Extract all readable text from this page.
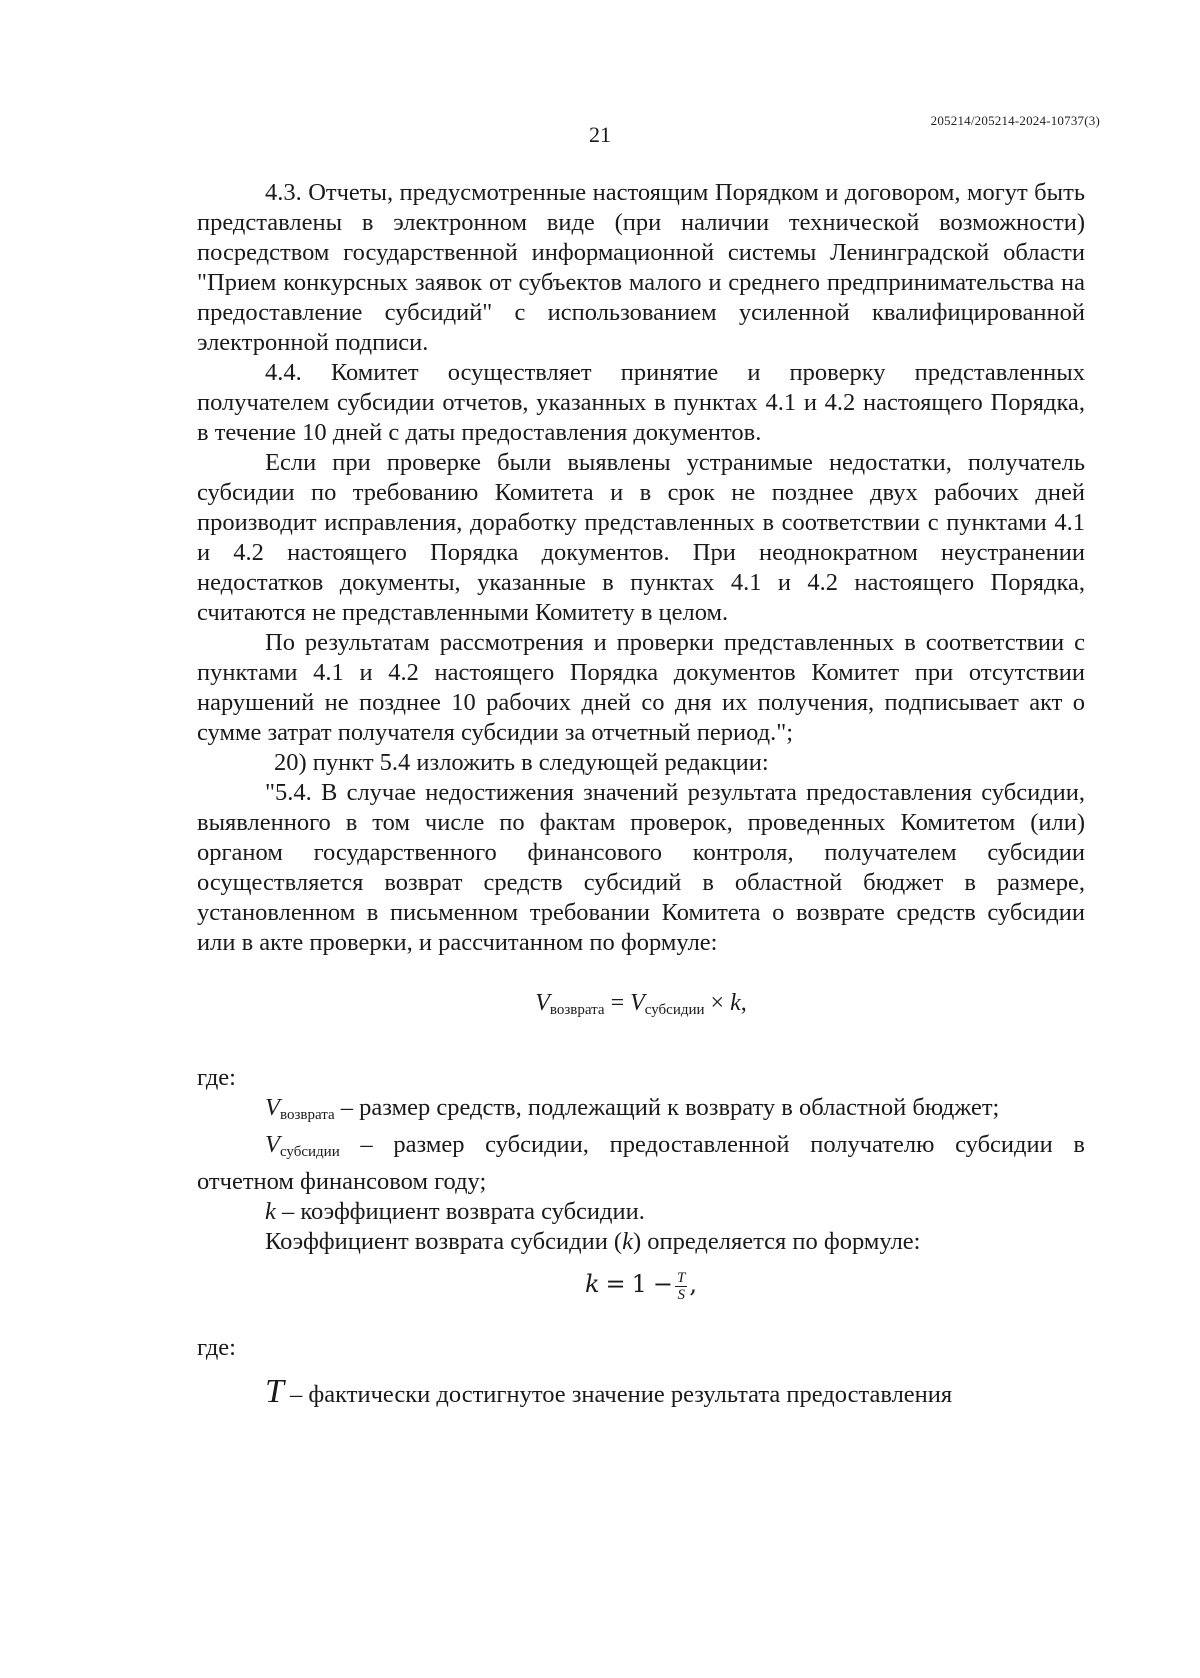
205214/205214-2024-10737(3)
21

4.3. Отчеты, предусмотренные настоящим Порядком и договором, могут быть представлены в электронном виде (при наличии технической возможности) посредством государственной информационной системы Ленинградской области "Прием конкурсных заявок от субъектов малого и среднего предпринимательства на предоставление субсидий" с использованием усиленной квалифицированной электронной подписи.

4.4. Комитет осуществляет принятие и проверку представленных получателем субсидии отчетов, указанных в пунктах 4.1 и 4.2 настоящего Порядка, в течение 10 дней с даты предоставления документов.

Если при проверке были выявлены устранимые недостатки, получатель субсидии по требованию Комитета и в срок не позднее двух рабочих дней производит исправления, доработку представленных в соответствии с пунктами 4.1 и 4.2 настоящего Порядка документов. При неоднократном неустранении недостатков документы, указанные в пунктах 4.1 и 4.2 настоящего Порядка, считаются не представленными Комитету в целом.

По результатам рассмотрения и проверки представленных в соответствии с пунктами 4.1 и 4.2 настоящего Порядка документов Комитет при отсутствии нарушений не позднее 10 рабочих дней со дня их получения, подписывает акт о сумме затрат получателя субсидии за отчетный период.";

20) пункт 5.4 изложить в следующей редакции:

"5.4. В случае недостижения значений результата предоставления субсидии, выявленного в том числе по фактам проверок, проведенных Комитетом (или) органом государственного финансового контроля, получателем субсидии осуществляется возврат средств субсидий в областной бюджет в размере, установленном в письменном требовании Комитета о возврате средств субсидии или в акте проверки, и рассчитанном по формуле:

$V_{возврата} = V_{субсидии} \times k$,

где:

$V_{возврата}$ – размер средств, подлежащий к возврату в областной бюджет;

$V_{субсидии}$ – размер субсидии, предоставленной получателю субсидии в отчетном финансовом году;

k – коэффициент возврата субсидии.

Коэффициент возврата субсидии (k) определяется по формуле:

$k = 1 - \frac{T}{S}$ ,

где:

T – фактически достигнутое значение результата предоставления
